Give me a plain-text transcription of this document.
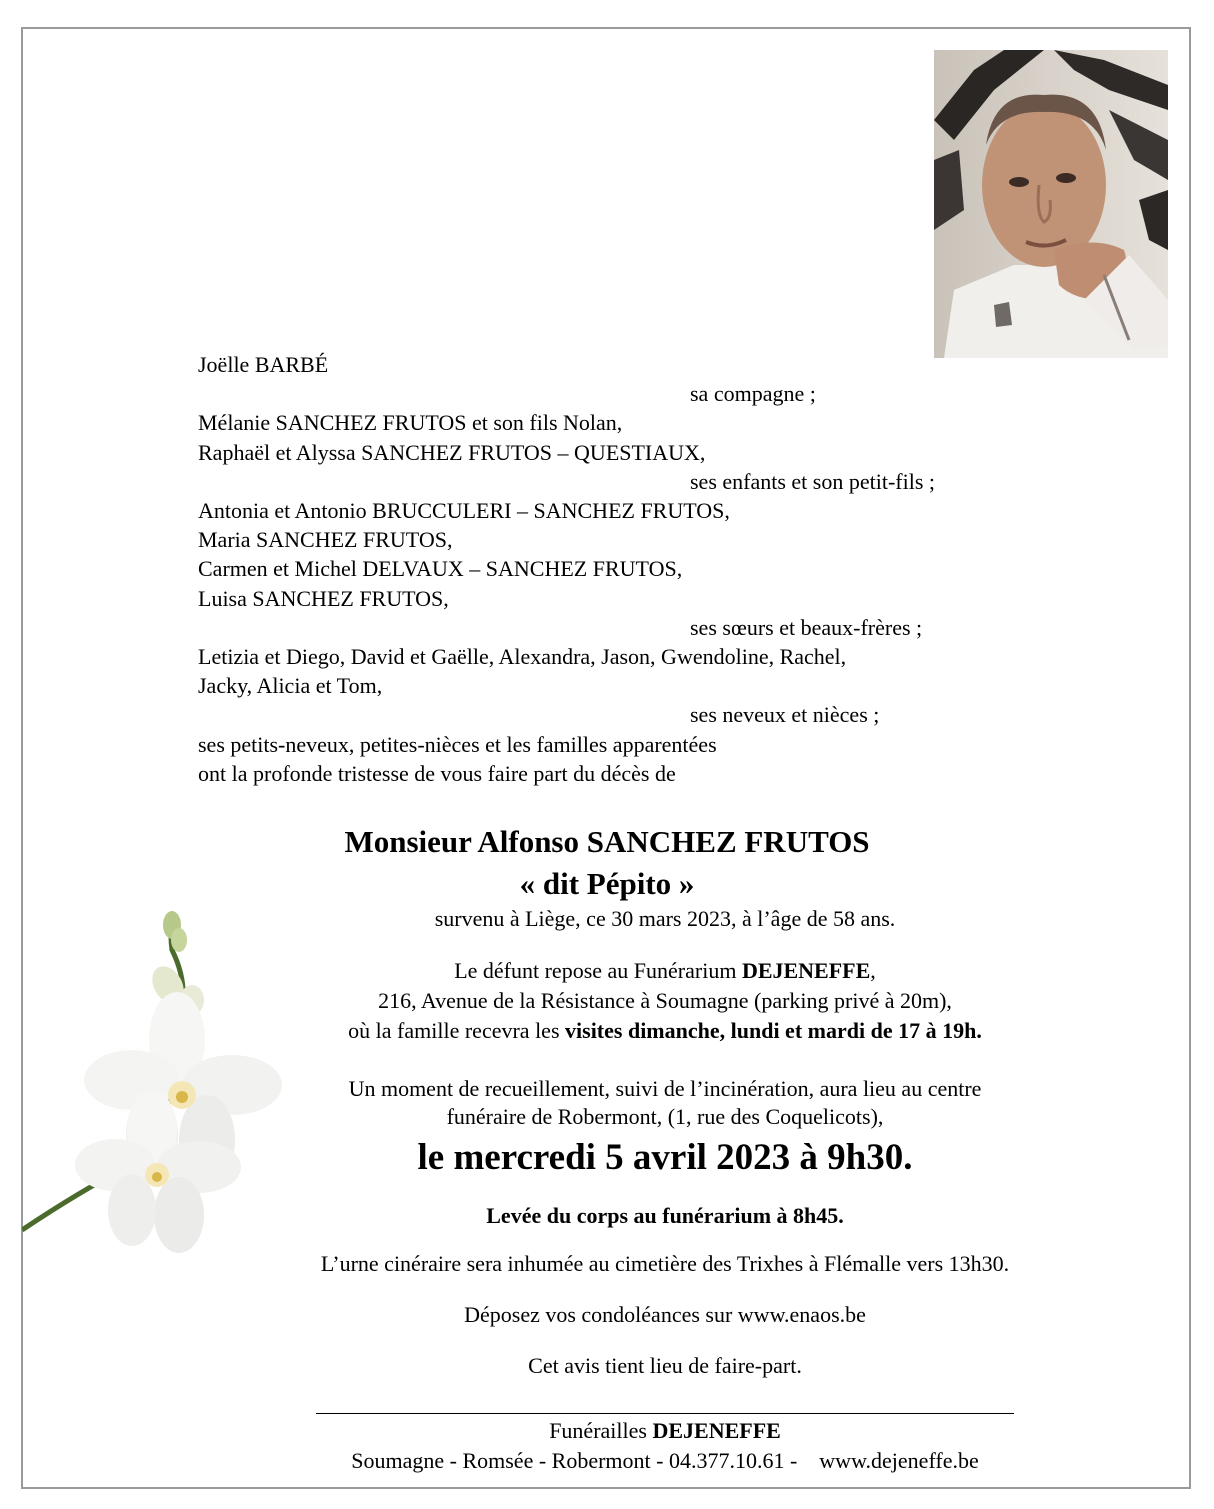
Joëlle BARBÉ
sa compagne ;
Mélanie SANCHEZ FRUTOS et son fils Nolan,
Raphaël et Alyssa SANCHEZ FRUTOS – QUESTIAUX,
ses enfants et son petit-fils ;
Antonia et Antonio BRUCCULERI – SANCHEZ FRUTOS,
Maria SANCHEZ FRUTOS,
Carmen et Michel DELVAUX – SANCHEZ FRUTOS,
Luisa SANCHEZ FRUTOS,
ses sœurs et beaux-frères ;
Letizia et Diego, David et Gaëlle, Alexandra, Jason, Gwendoline, Rachel,
Jacky, Alicia et Tom,
ses neveux et nièces ;
ses petits-neveux, petites-nièces et les familles apparentées
ont la profonde tristesse de vous faire part du décès de
Monsieur Alfonso SANCHEZ FRUTOS
« dit Pépito »
survenu à Liège, ce 30 mars 2023, à l’âge de 58 ans.
Le défunt repose au Funérarium DEJENEFFE,
216, Avenue de la Résistance à Soumagne (parking privé à 20m),
où la famille recevra les visites dimanche, lundi et mardi de 17 à 19h.
Un moment de recueillement, suivi de l’incinération, aura lieu au centre
funéraire de Robermont, (1, rue des Coquelicots),
le mercredi 5 avril 2023 à 9h30.
Levée du corps au funérarium à 8h45.
L’urne cinéraire sera inhumée au cimetière des Trixhes à Flémalle vers 13h30.
Déposez vos condoléances sur www.enaos.be
Cet avis tient lieu de faire-part.
Funérailles DEJENEFFE
Soumagne - Romsée - Robermont - 04.377.10.61 -    www.dejeneffe.be
